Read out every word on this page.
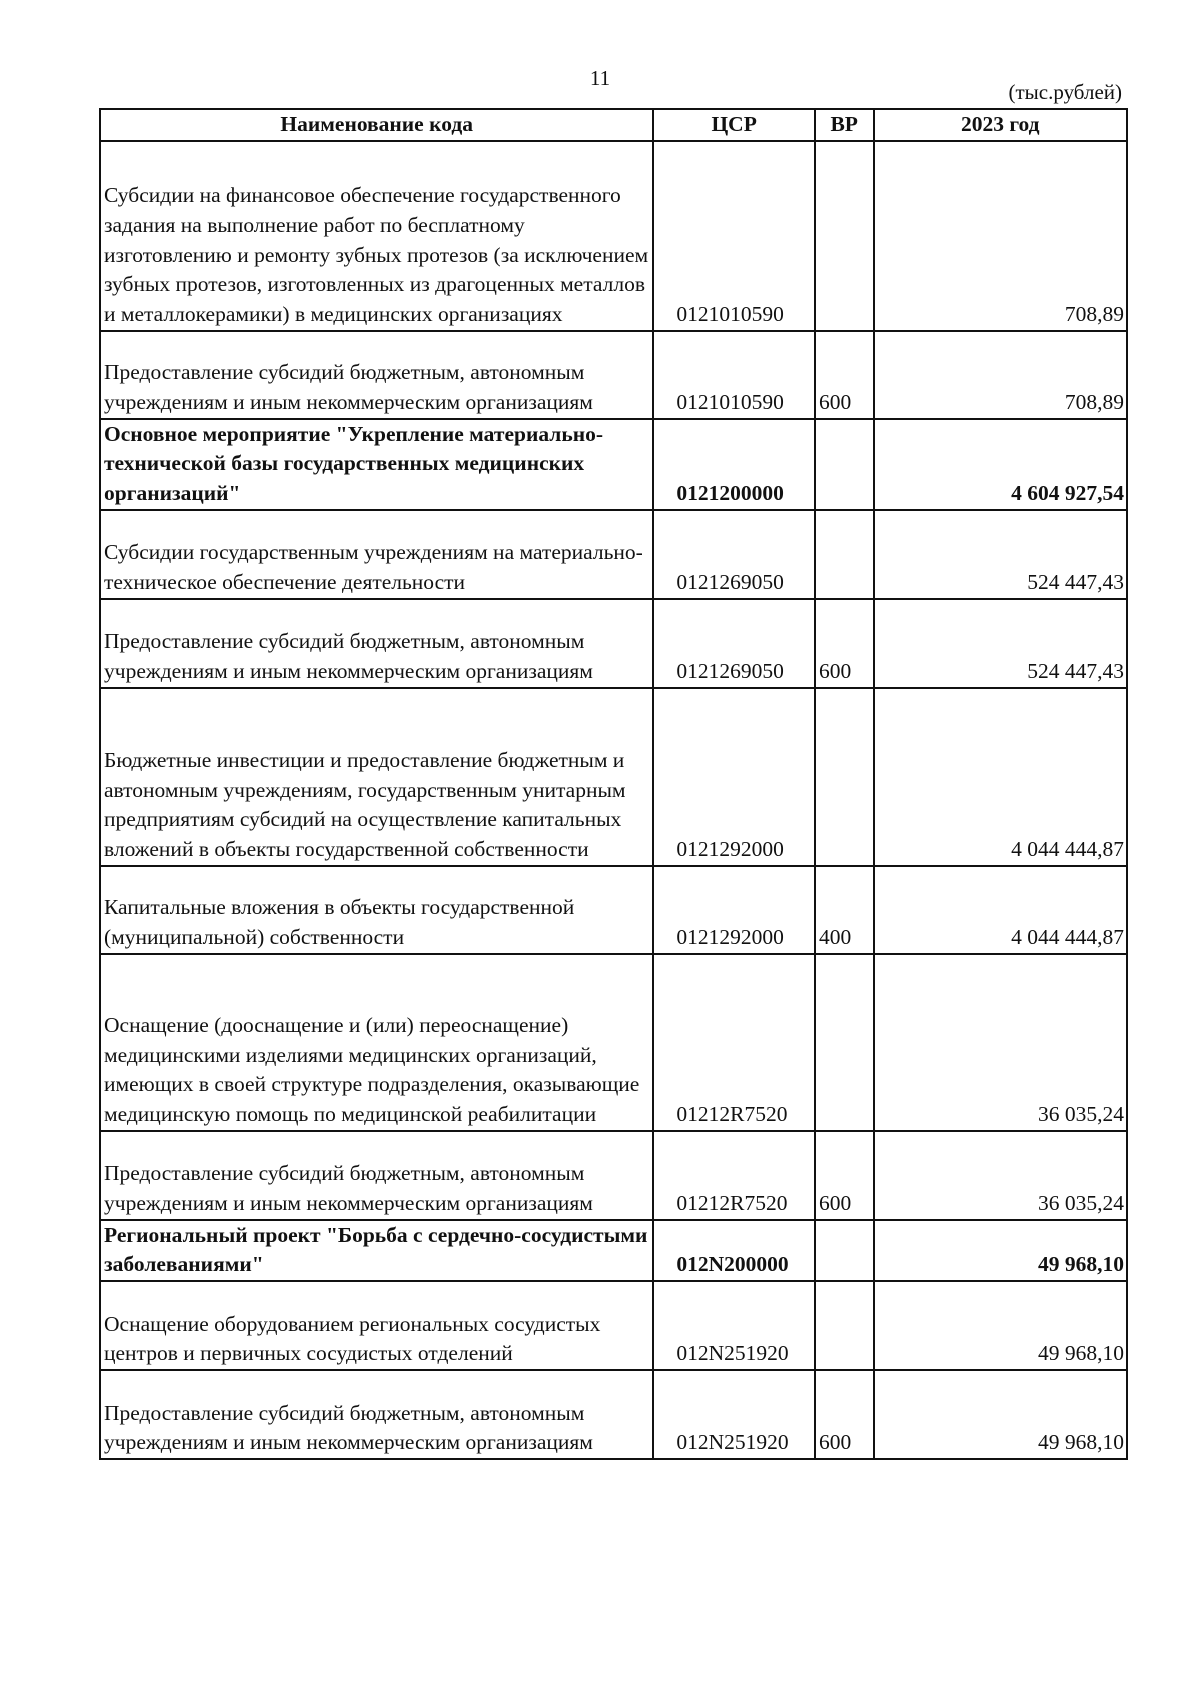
11
(тыс.рублей)
Наименование кода	ЦСР	ВР	2023 год
Субсидии на финансовое обеспечение государственного задания на выполнение работ по бесплатному изготовлению и ремонту зубных протезов (за исключением зубных протезов, изготовленных из драгоценных металлов и металлокерамики) в медицинских организациях	0121010590		708,89
Предоставление субсидий бюджетным, автономным учреждениям и иным некоммерческим организациям	0121010590	600	708,89
Основное мероприятие "Укрепление материально-технической базы государственных медицинских организаций"	0121200000		4 604 927,54
Субсидии государственным учреждениям на материально-техническое обеспечение деятельности	0121269050		524 447,43
Предоставление субсидий бюджетным, автономным учреждениям и иным некоммерческим организациям	0121269050	600	524 447,43
Бюджетные инвестиции и предоставление бюджетным и автономным учреждениям, государственным унитарным предприятиям субсидий на осуществление капитальных вложений в объекты государственной собственности	0121292000		4 044 444,87
Капитальные вложения в объекты государственной (муниципальной) собственности	0121292000	400	4 044 444,87
Оснащение (дооснащение и (или) переоснащение) медицинскими изделиями медицинских организаций, имеющих в своей структуре подразделения, оказывающие медицинскую помощь по медицинской реабилитации	01212R7520		36 035,24
Предоставление субсидий бюджетным, автономным учреждениям и иным некоммерческим организациям	01212R7520	600	36 035,24
Региональный проект "Борьба с сердечно-сосудистыми заболеваниями"	012N200000		49 968,10
Оснащение оборудованием региональных сосудистых центров и первичных сосудистых отделений	012N251920		49 968,10
Предоставление субсидий бюджетным, автономным учреждениям и иным некоммерческим организациям	012N251920	600	49 968,10
